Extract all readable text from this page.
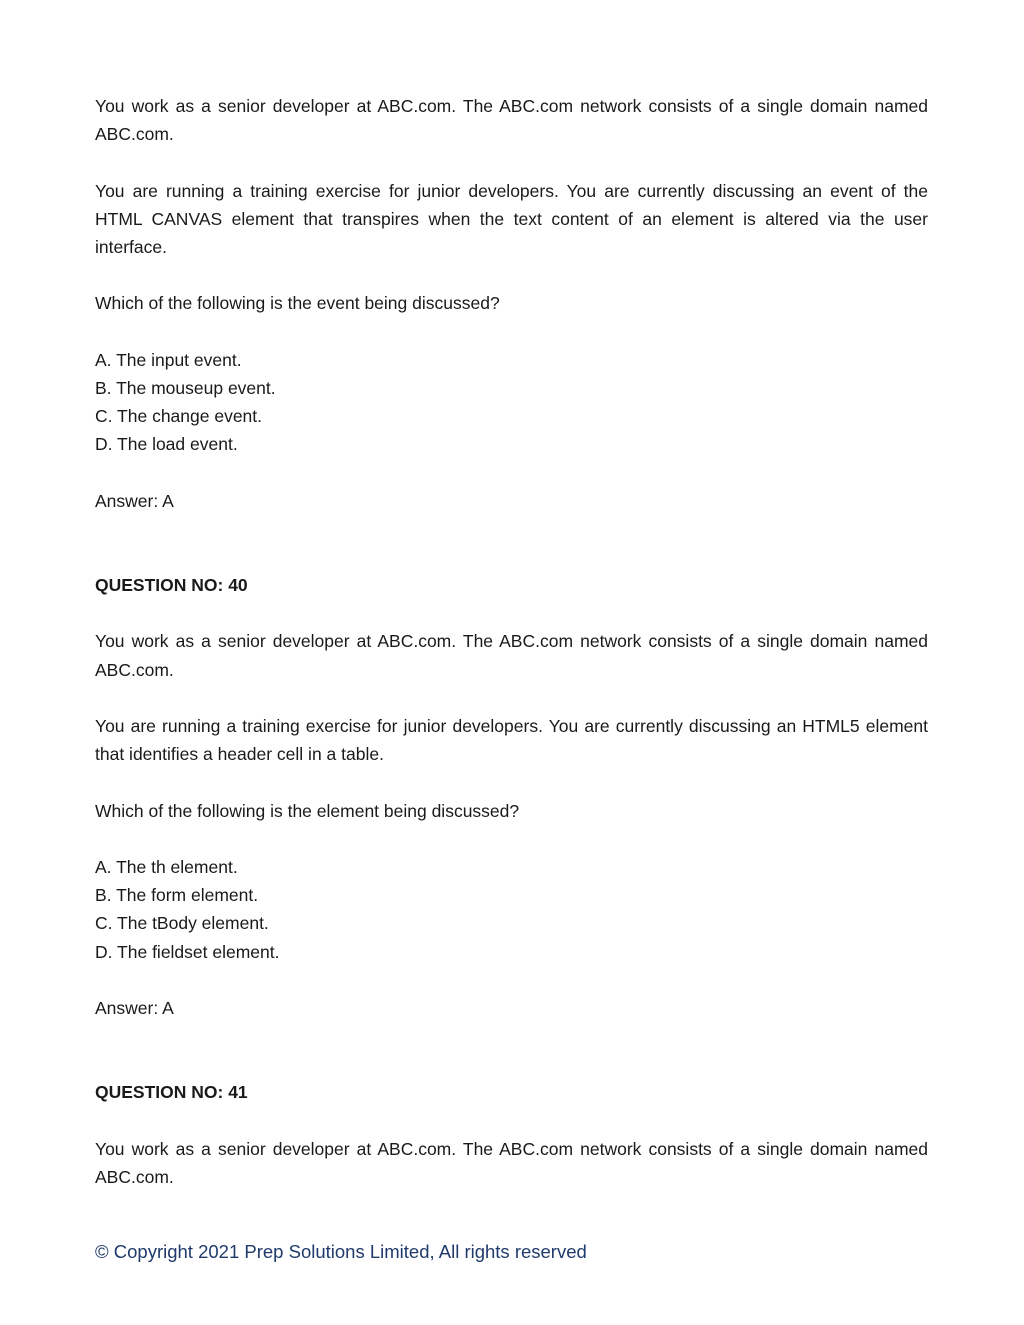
You work as a senior developer at ABC.com. The ABC.com network consists of a single domain named ABC.com.

You are running a training exercise for junior developers. You are currently discussing an event of the HTML CANVAS element that transpires when the text content of an element is altered via the user interface.

Which of the following is the event being discussed?

A. The input event.
B. The mouseup event.
C. The change event.
D. The load event.

Answer: A

QUESTION NO: 40

You work as a senior developer at ABC.com. The ABC.com network consists of a single domain named ABC.com.

You are running a training exercise for junior developers. You are currently discussing an HTML5 element that identifies a header cell in a table.

Which of the following is the element being discussed?

A. The th element.
B. The form element.
C. The tBody element.
D. The fieldset element.

Answer: A

QUESTION NO: 41

You work as a senior developer at ABC.com. The ABC.com network consists of a single domain named ABC.com.

© Copyright 2021 Prep Solutions Limited, All rights reserved
